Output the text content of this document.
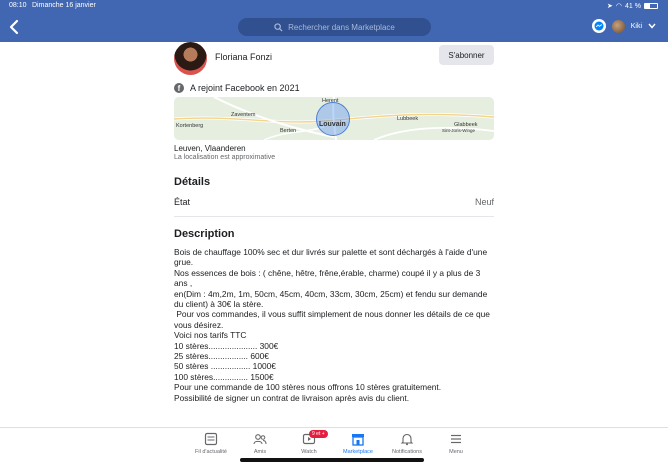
08:10 Dimanche 16 janvier	➤ ◠ 41 %
Rechercher dans Marketplace	Kiki
Floriana Fonzi	S'abonner
f	A rejoint Facebook en 2021
Herent
Zaventem
Louvain
Lubbeek
Berten
Glabbeek
Kortenberg
Sint-Joris-Winge
Leuven, Vlaanderen
La localisation est approximative
Détails
État	Neuf
Description
Bois de chauffage 100% sec et dur livrés sur palette et sont déchargés à l'aide d'une grue.
Nos essences de bois : ( chêne, hêtre, frêne,érable, charme) coupé il y a plus de 3 ans ,
en(Dim : 4m,2m, 1m, 50cm, 45cm, 40cm, 33cm, 30cm, 25cm) et fendu sur demande du client) à 30€ la stère.
Pour vos commandes, il vous suffit simplement de nous donner les détails de ce que vous désirez.
Voici nos tarifs TTC
10 stères..................... 300€
25 stères................. 600€
50 stères ................. 1000€
100 stères............... 1500€
Pour une commande de 100 stères nous offrons 10 stères gratuitement.
Possibilité de signer un contrat de livraison après avis du client.
Fil d'actualité	Amis
9 et +
Watch	Marketplace	Notifications	Menu
